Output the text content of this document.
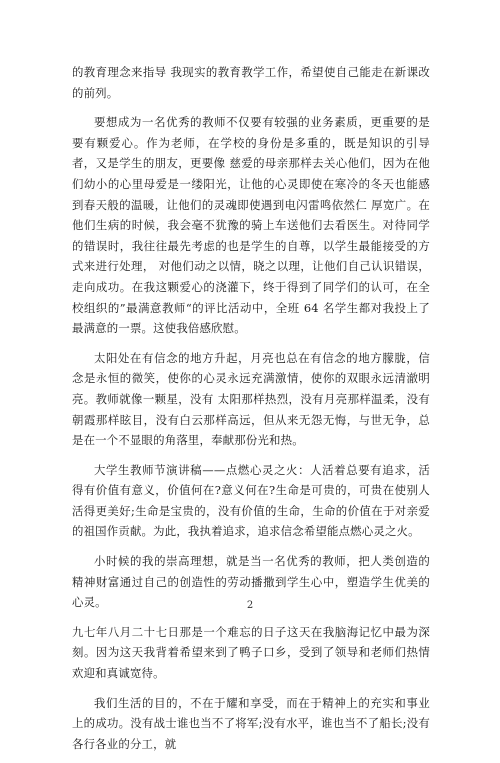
的教育理念来指导 我现实的教育教学工作，希望使自己能走在新课改的前列。

要想成为一名优秀的教师不仅要有较强的业务素质，更重要的是要有颗爱心。作为老师，在学校的身份是多重的，既是知识的引导者，又是学生的朋友，更要像 慈爱的母亲那样去关心他们，因为在他们幼小的心里母爱是一缕阳光，让他的心灵即使在寒冷的冬天也能感到春天般的温暖，让他们的灵魂即使遇到电闪雷鸣依然仁 厚宽广。在他们生病的时候，我会毫不犹豫的骑上车送他们去看医生。对待同学的错误时，我往往最先考虑的也是学生的自尊，以学生最能接受的方式来进行处理， 对他们动之以情，晓之以理，让他们自己认识错误，走向成功。在我这颗爱心的浇灌下，终于得到了同学们的认可，在全校组织的”最满意教师“的评比活动中，全班 64 名学生都对我投上了最满意的一票。这使我倍感欣慰。

太阳处在有信念的地方升起，月亮也总在有信念的地方朦胧，信念是永恒的微笑，使你的心灵永远充满激情，使你的双眼永远清澈明亮。教师就像一颗星，没有 太阳那样热烈，没有月亮那样温柔，没有朝霞那样眩目，没有白云那样高远，但从来无怨无悔，与世无争，总是在一个不显眼的角落里，奉献那份光和热。

大学生教师节演讲稿——点燃心灵之火：人活着总要有追求，活得有价值有意义，价值何在?意义何在?生命是可贵的，可贵在使别人活得更美好;生命是宝贵的，没有价值的生命，生命的价值在于对亲爱的祖国作贡献。为此，我执着追求，追求信念希望能点燃心灵之火。

小时候的我的崇高理想，就是当一名优秀的教师，把人类创造的精神财富通过自己的创造性的劳动播撒到学生心中，塑造学生优美的心灵。

九七年八月二十七日那是一个难忘的日子这天在我脑海记忆中最为深刻。因为这天我背着希望来到了鸭子口乡，受到了领导和老师们热情欢迎和真诚宽待。

我们生活的目的，不在于耀和享受，而在于精神上的充实和事业上的成功。没有战士谁也当不了将军;没有水平，谁也当不了船长;没有各行各业的分工，就

2
